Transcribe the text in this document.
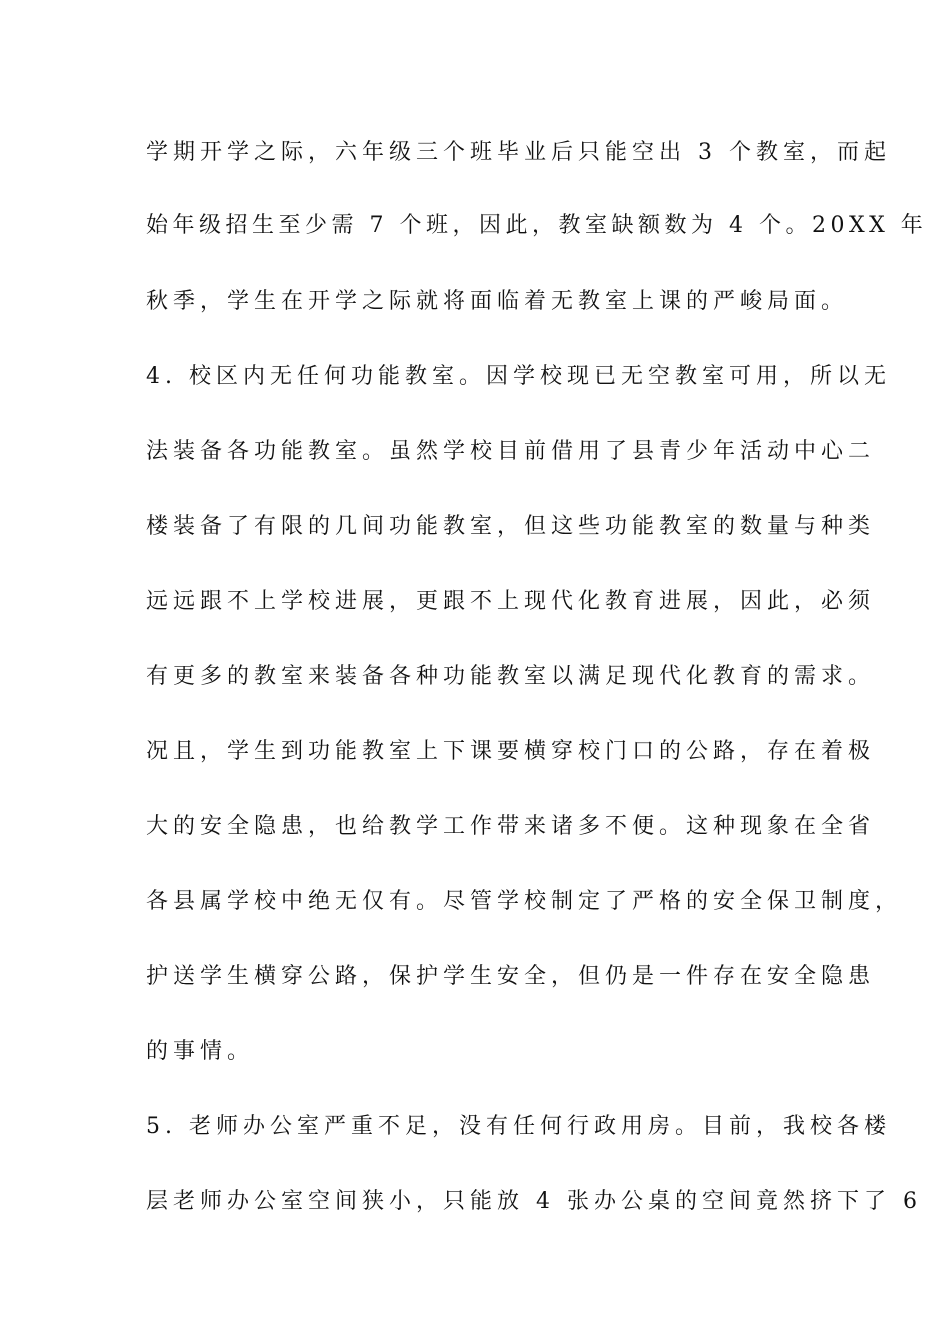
学期开学之际，六年级三个班毕业后只能空出 3 个教室，而起

始年级招生至少需 7 个班，因此，教室缺额数为 4 个。20XX 年

秋季，学生在开学之际就将面临着无教室上课的严峻局面。

4. 校区内无任何功能教室。因学校现已无空教室可用，所以无

法装备各功能教室。虽然学校目前借用了县青少年活动中心二

楼装备了有限的几间功能教室，但这些功能教室的数量与种类

远远跟不上学校进展，更跟不上现代化教育进展，因此，必须

有更多的教室来装备各种功能教室以满足现代化教育的需求。

况且，学生到功能教室上下课要横穿校门口的公路，存在着极

大的安全隐患，也给教学工作带来诸多不便。这种现象在全省

各县属学校中绝无仅有。尽管学校制定了严格的安全保卫制度，

护送学生横穿公路，保护学生安全，但仍是一件存在安全隐患

的事情。

5. 老师办公室严重不足，没有任何行政用房。目前，我校各楼

层老师办公室空间狭小，只能放 4 张办公桌的空间竟然挤下了 6
